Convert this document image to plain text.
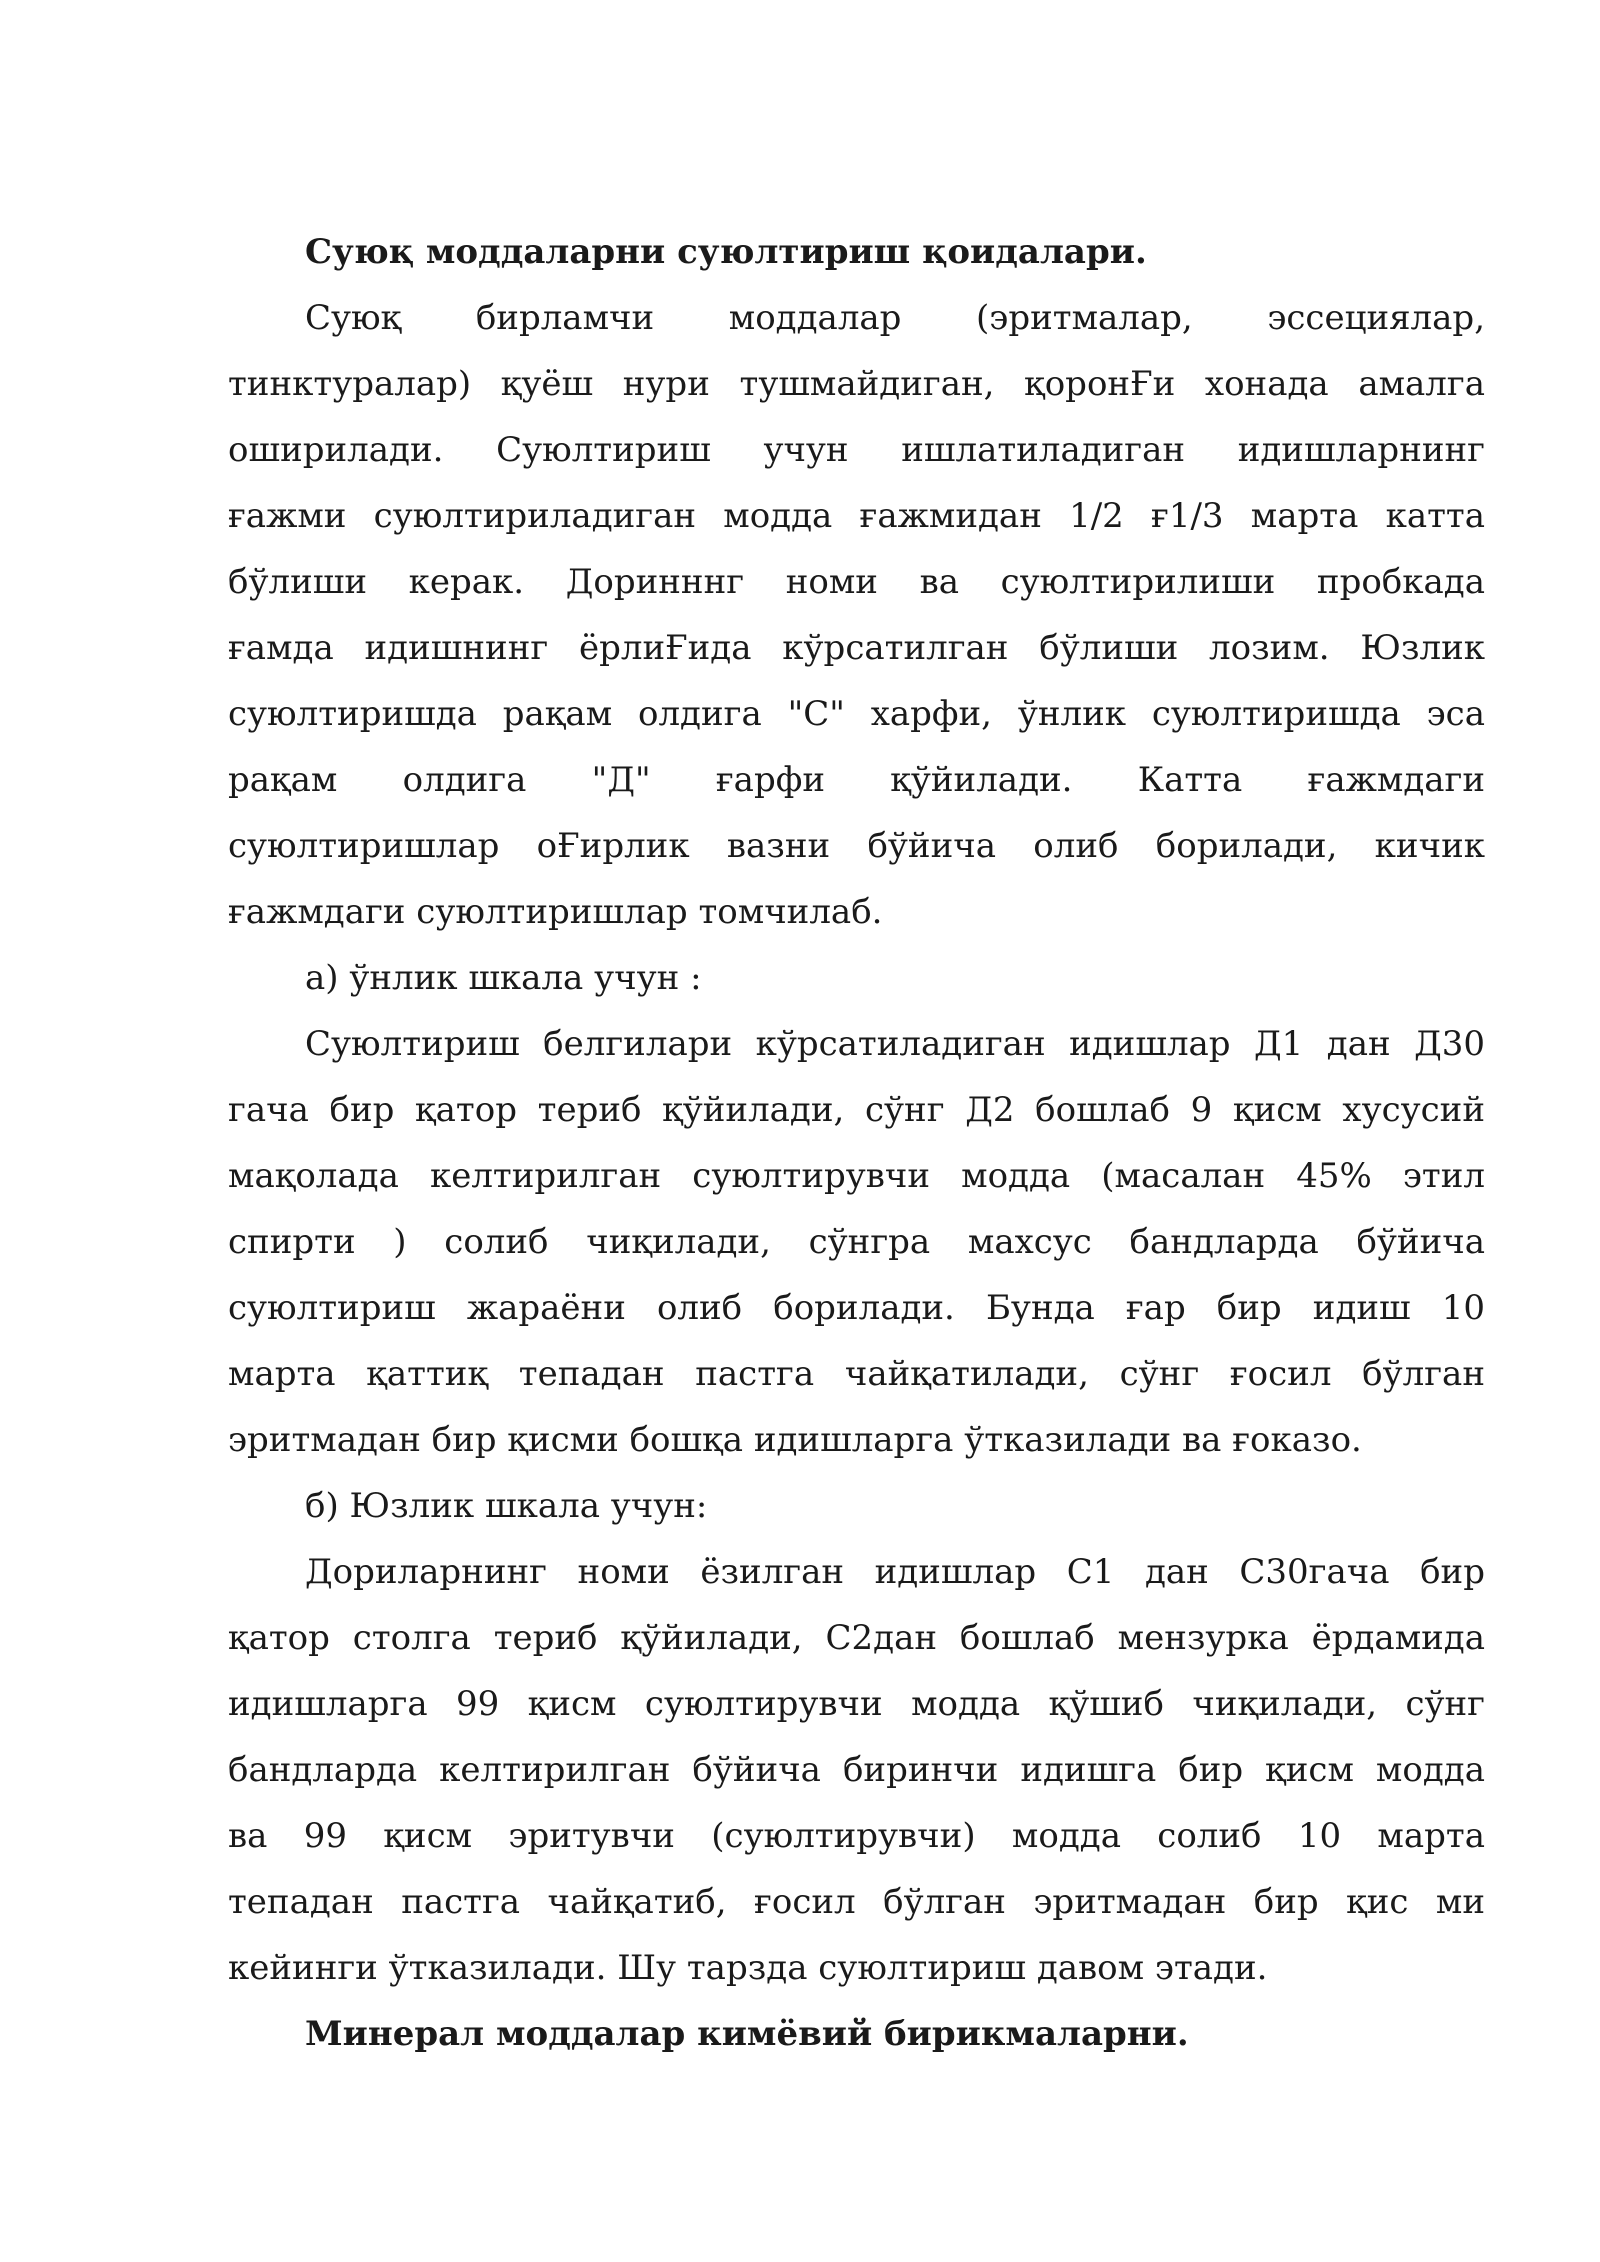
Суюқ моддаларни суюлтириш қоидалари.
Суюқ бирламчи моддалар (эритмалар, эссециялар,
тинктуралар) қуёш нури тушмайдиган, қоронҒи хонада амалга
оширилади. Суюлтириш учун ишлатиладиган идишларнинг
ғажми суюлтириладиган модда ғажмидан 1/2 ғ1/3 марта катта
бўлиши керак. Доринннг номи ва суюлтирилиши пробкада
ғамда идишнинг ёрлиҒида кўрсатилган бўлиши лозим. Юзлик
суюлтиришда рақам олдига "С" харфи, ўнлик суюлтиришда эса
рақам олдига "Д" ғарфи қўйилади. Катта ғажмдаги
суюлтиришлар оҒирлик вазни бўйича олиб борилади, кичик
ғажмдаги суюлтиришлар томчилаб.
а) ўнлик шкала учун :
Суюлтириш белгилари кўрсатиладиган идишлар Д1 дан Д30
гача бир қатор териб қўйилади, сўнг Д2 бошлаб 9 қисм хусусий
мақолада келтирилган суюлтирувчи модда (масалан 45% этил
спирти ) солиб чиқилади, сўнгра махсус бандларда бўйича
суюлтириш жараёни олиб борилади. Бунда ғар бир идиш 10
марта қаттиқ тепадан пастга чайқатилади, сўнг ғосил бўлган
эритмадан бир қисми бошқа идишларга ўтказилади ва ғоказо.
б) Юзлик шкала учун:
Дориларнинг номи ёзилган идишлар С1 дан С30гача бир
қатор столга териб қўйилади, С2дан бошлаб мензурка ёрдамида
идишларга 99 қисм суюлтирувчи модда қўшиб чиқилади, сўнг
бандларда келтирилган бўйича биринчи идишга бир қисм модда
ва 99 қисм эритувчи (суюлтирувчи) модда солиб 10 марта
тепадан пастга чайқатиб, ғосил бўлган эритмадан бир қис ми
кейинги ўтказилади. Шу тарзда суюлтириш давом этади.
Минерал моддалар кимёвий бирикмаларни.
